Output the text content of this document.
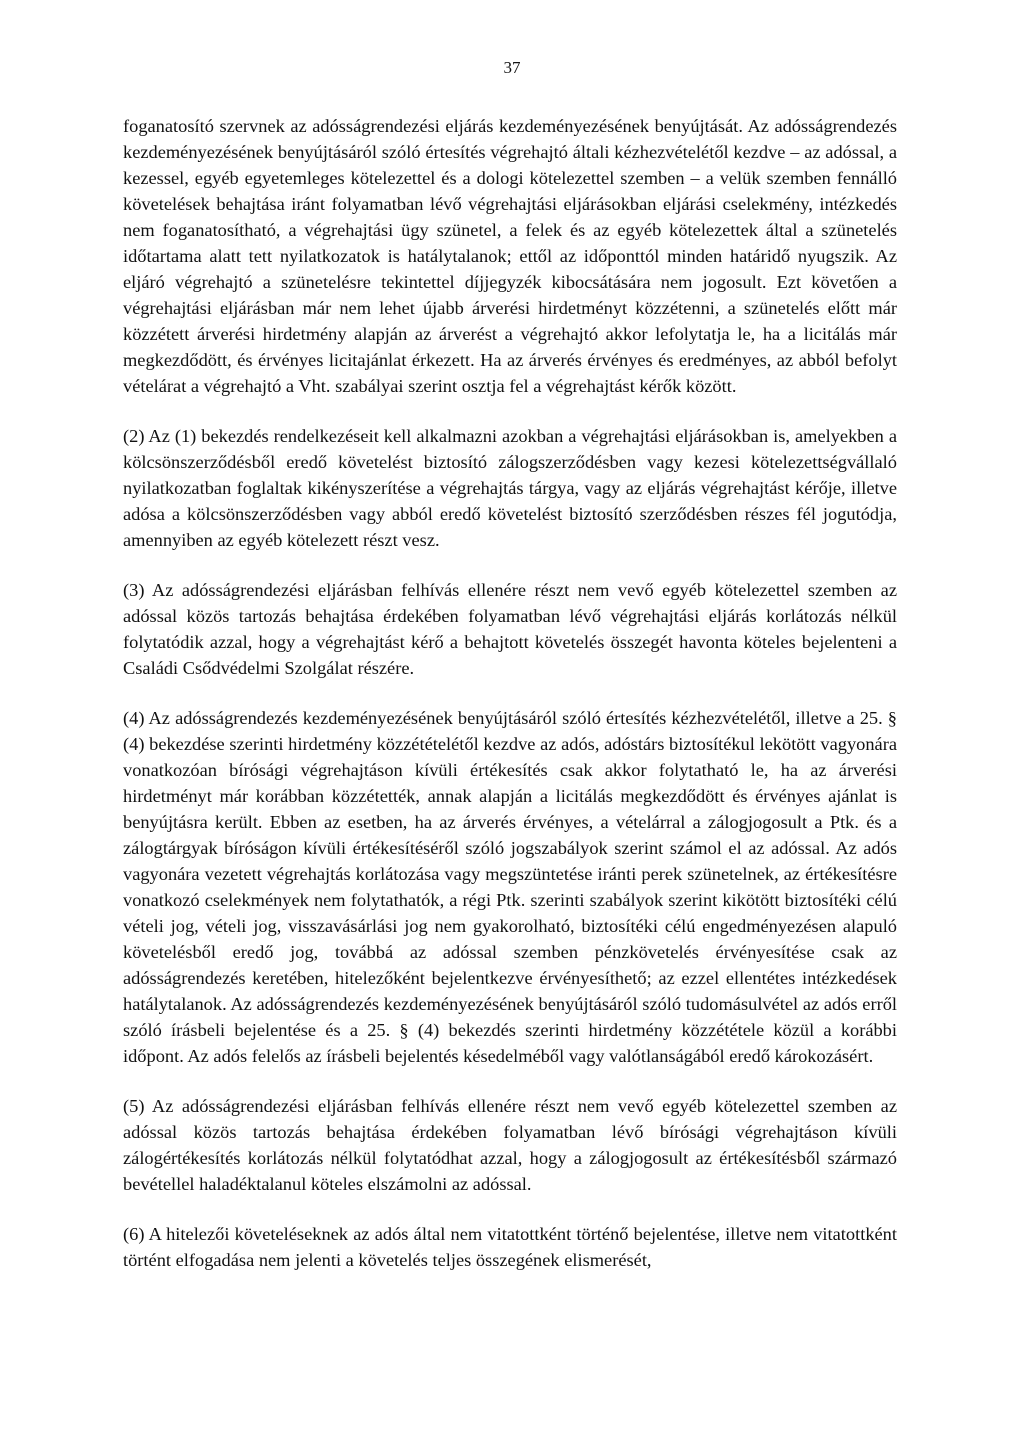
37

foganatosító szervnek az adósságrendezési eljárás kezdeményezésének benyújtását. Az adósságrendezés kezdeményezésének benyújtásáról szóló értesítés végrehajtó általi kézhezvételétől kezdve – az adóssal, a kezessel, egyéb egyetemleges kötelezettel és a dologi kötelezettel szemben – a velük szemben fennálló követelések behajtása iránt folyamatban lévő végrehajtási eljárásokban eljárási cselekmény, intézkedés nem foganatosítható, a végrehajtási ügy szünetel, a felek és az egyéb kötelezettek által a szünetelés időtartama alatt tett nyilatkozatok is hatálytalanok; ettől az időponttól minden határidő nyugszik. Az eljáró végrehajtó a szünetelésre tekintettel díjjegyzék kibocsátására nem jogosult. Ezt követően a végrehajtási eljárásban már nem lehet újabb árverési hirdetményt közzétenni, a szünetelés előtt már közzétett árverési hirdetmény alapján az árverést a végrehajtó akkor lefolytatja le, ha a licitálás már megkezdődött, és érvényes licitajánlat érkezett. Ha az árverés érvényes és eredményes, az abból befolyt vételárat a végrehajtó a Vht. szabályai szerint osztja fel a végrehajtást kérők között.

(2) Az (1) bekezdés rendelkezéseit kell alkalmazni azokban a végrehajtási eljárásokban is, amelyekben a kölcsönszerződésből eredő követelést biztosító zálogszerződésben vagy kezesi kötelezettségvállaló nyilatkozatban foglaltak kikényszerítése a végrehajtás tárgya, vagy az eljárás végrehajtást kérője, illetve adósa a kölcsönszerződésben vagy abból eredő követelést biztosító szerződésben részes fél jogutódja, amennyiben az egyéb kötelezett részt vesz.

(3) Az adósságrendezési eljárásban felhívás ellenére részt nem vevő egyéb kötelezettel szemben az adóssal közös tartozás behajtása érdekében folyamatban lévő végrehajtási eljárás korlátozás nélkül folytatódik azzal, hogy a végrehajtást kérő a behajtott követelés összegét havonta köteles bejelenteni a Családi Csődvédelmi Szolgálat részére.

(4) Az adósságrendezés kezdeményezésének benyújtásáról szóló értesítés kézhezvételétől, illetve a 25. § (4) bekezdése szerinti hirdetmény közzétételétől kezdve az adós, adóstárs biztosítékul lekötött vagyonára vonatkozóan bírósági végrehajtáson kívüli értékesítés csak akkor folytatható le, ha az árverési hirdetményt már korábban közzétették, annak alapján a licitálás megkezdődött és érvényes ajánlat is benyújtásra került. Ebben az esetben, ha az árverés érvényes, a vételárral a zálogjogosult a Ptk. és a zálogtárgyak bíróságon kívüli értékesítéséről szóló jogszabályok szerint számol el az adóssal. Az adós vagyonára vezetett végrehajtás korlátozása vagy megszüntetése iránti perek szünetelnek, az értékesítésre vonatkozó cselekmények nem folytathatók, a régi Ptk. szerinti szabályok szerint kikötött biztosítéki célú vételi jog, vételi jog, visszavásárlási jog nem gyakorolható, biztosítéki célú engedményezésen alapuló követelésből eredő jog, továbbá az adóssal szemben pénzkövetelés érvényesítése csak az adósságrendezés keretében, hitelezőként bejelentkezve érvényesíthető; az ezzel ellentétes intézkedések hatálytalanok. Az adósságrendezés kezdeményezésének benyújtásáról szóló tudomásulvétel az adós erről szóló írásbeli bejelentése és a 25. § (4) bekezdés szerinti hirdetmény közzététele közül a korábbi időpont. Az adós felelős az írásbeli bejelentés késedelméből vagy valótlanságából eredő károkozásért.

(5) Az adósságrendezési eljárásban felhívás ellenére részt nem vevő egyéb kötelezettel szemben az adóssal közös tartozás behajtása érdekében folyamatban lévő bírósági végrehajtáson kívüli zálogértékesítés korlátozás nélkül folytatódhat azzal, hogy a zálogjogosult az értékesítésből származó bevétellel haladéktalanul köteles elszámolni az adóssal.

(6) A hitelezői követeléseknek az adós által nem vitatottként történő bejelentése, illetve nem vitatottként történt elfogadása nem jelenti a követelés teljes összegének elismerését,
